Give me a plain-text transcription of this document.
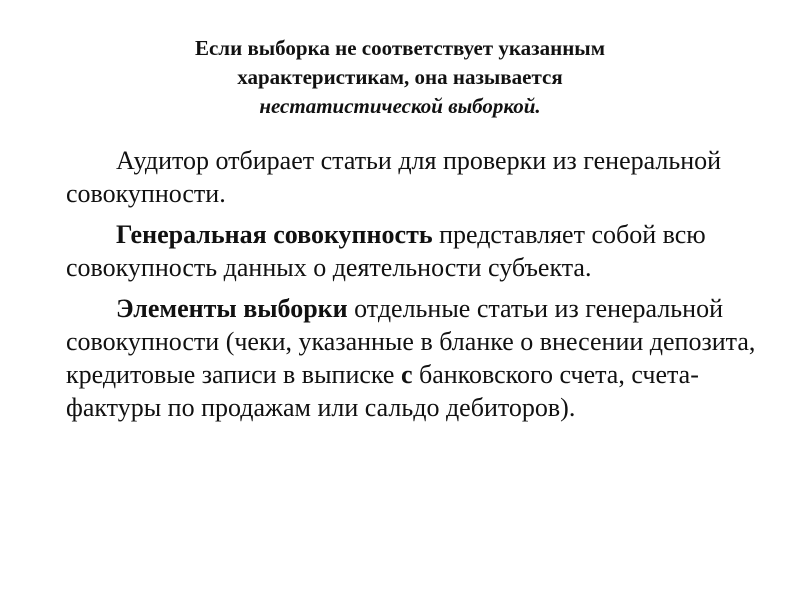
Если выборка не соответствует указанным
характеристикам, она называется
нестатистической выборкой.

Аудитор отбирает статьи для проверки из генеральной совокупности.

Генеральная совокупность представляет собой всю совокупность данных о деятельности субъекта.

Элементы выборки отдельные статьи из генеральной совокупности (чеки, указанные в бланке о внесении депозита, кредитовые записи в выписке с банковского счета, счета-фактуры по продажам или сальдо дебиторов).
